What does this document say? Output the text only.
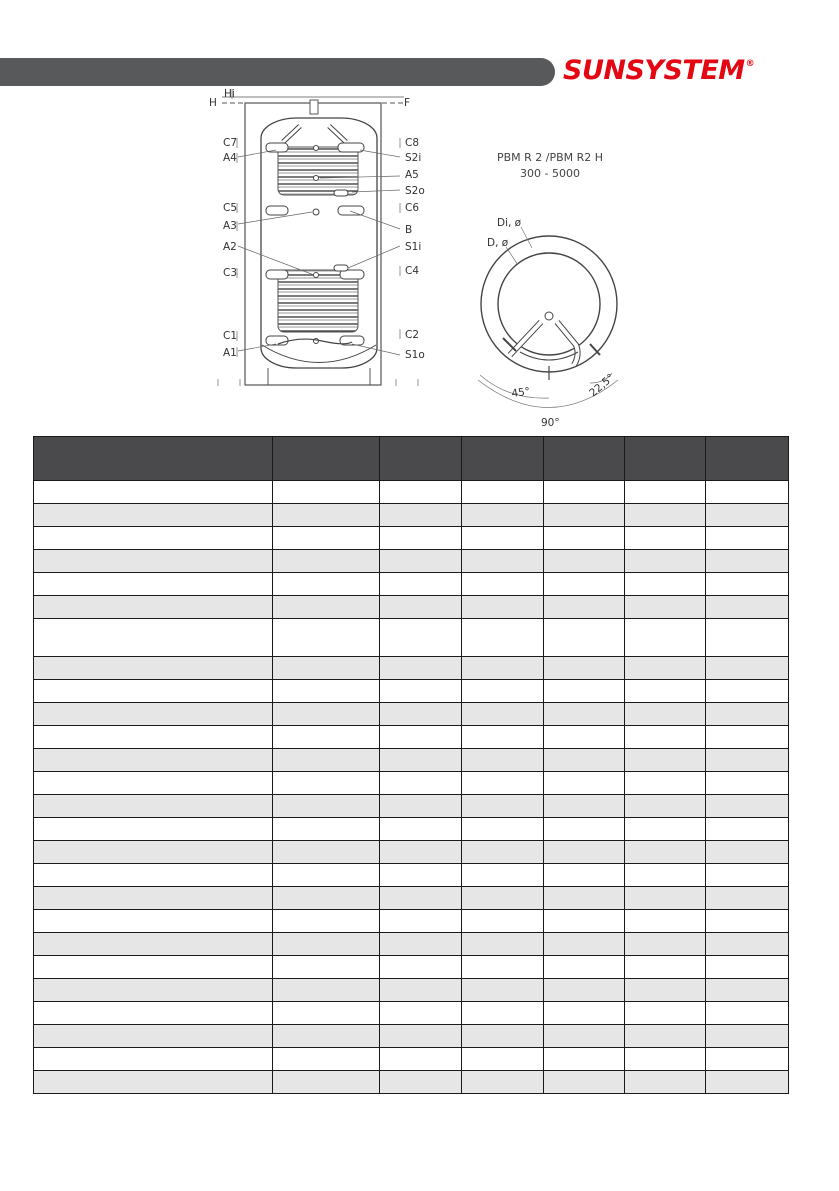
SUNSYSTEM®
Hi
H
C7
A4
C5
A3
A2
C3
C1
A1
F
C8
S2i
A5
S2o
C6
B
S1i
C4
C2
S1o
Di, ø
D, ø
45°	22,5°
90°
PBM R 2 /PBM R2 H
300 - 5000
